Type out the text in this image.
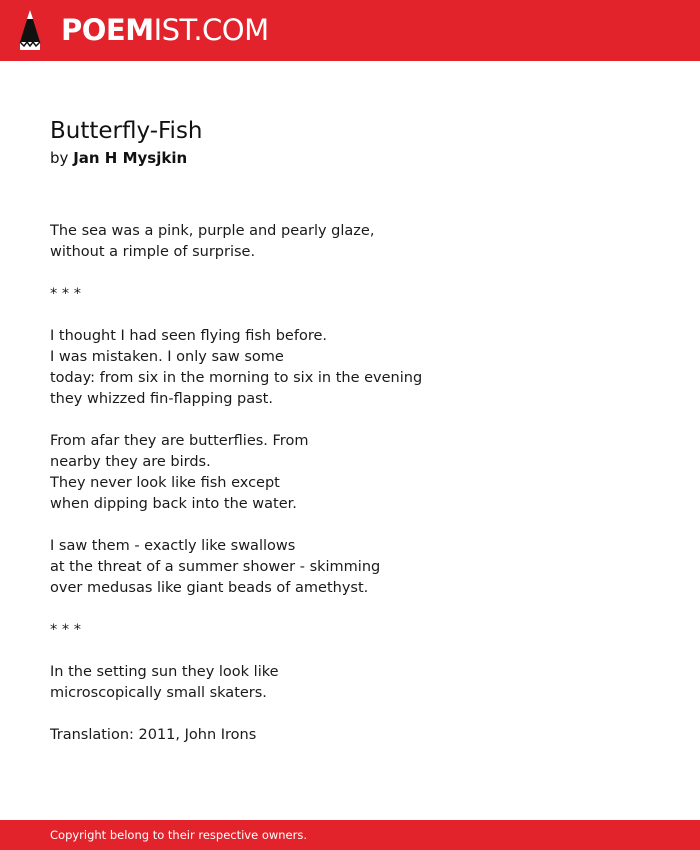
POEMIST.COM
Butterfly-Fish

by Jan H Mysjkin

The sea was a pink, purple and pearly glaze,
without a rimple of surprise.

* * *

I thought I had seen flying fish before.
I was mistaken. I only saw some
today: from six in the morning to six in the evening
they whizzed fin-flapping past.

From afar they are butterflies. From
nearby they are birds.
They never look like fish except
when dipping back into the water.

I saw them - exactly like swallows
at the threat of a summer shower - skimming
over medusas like giant beads of amethyst.

* * *

In the setting sun they look like
microscopically small skaters.

Translation: 2011, John Irons

Copyright belong to their respective owners.
